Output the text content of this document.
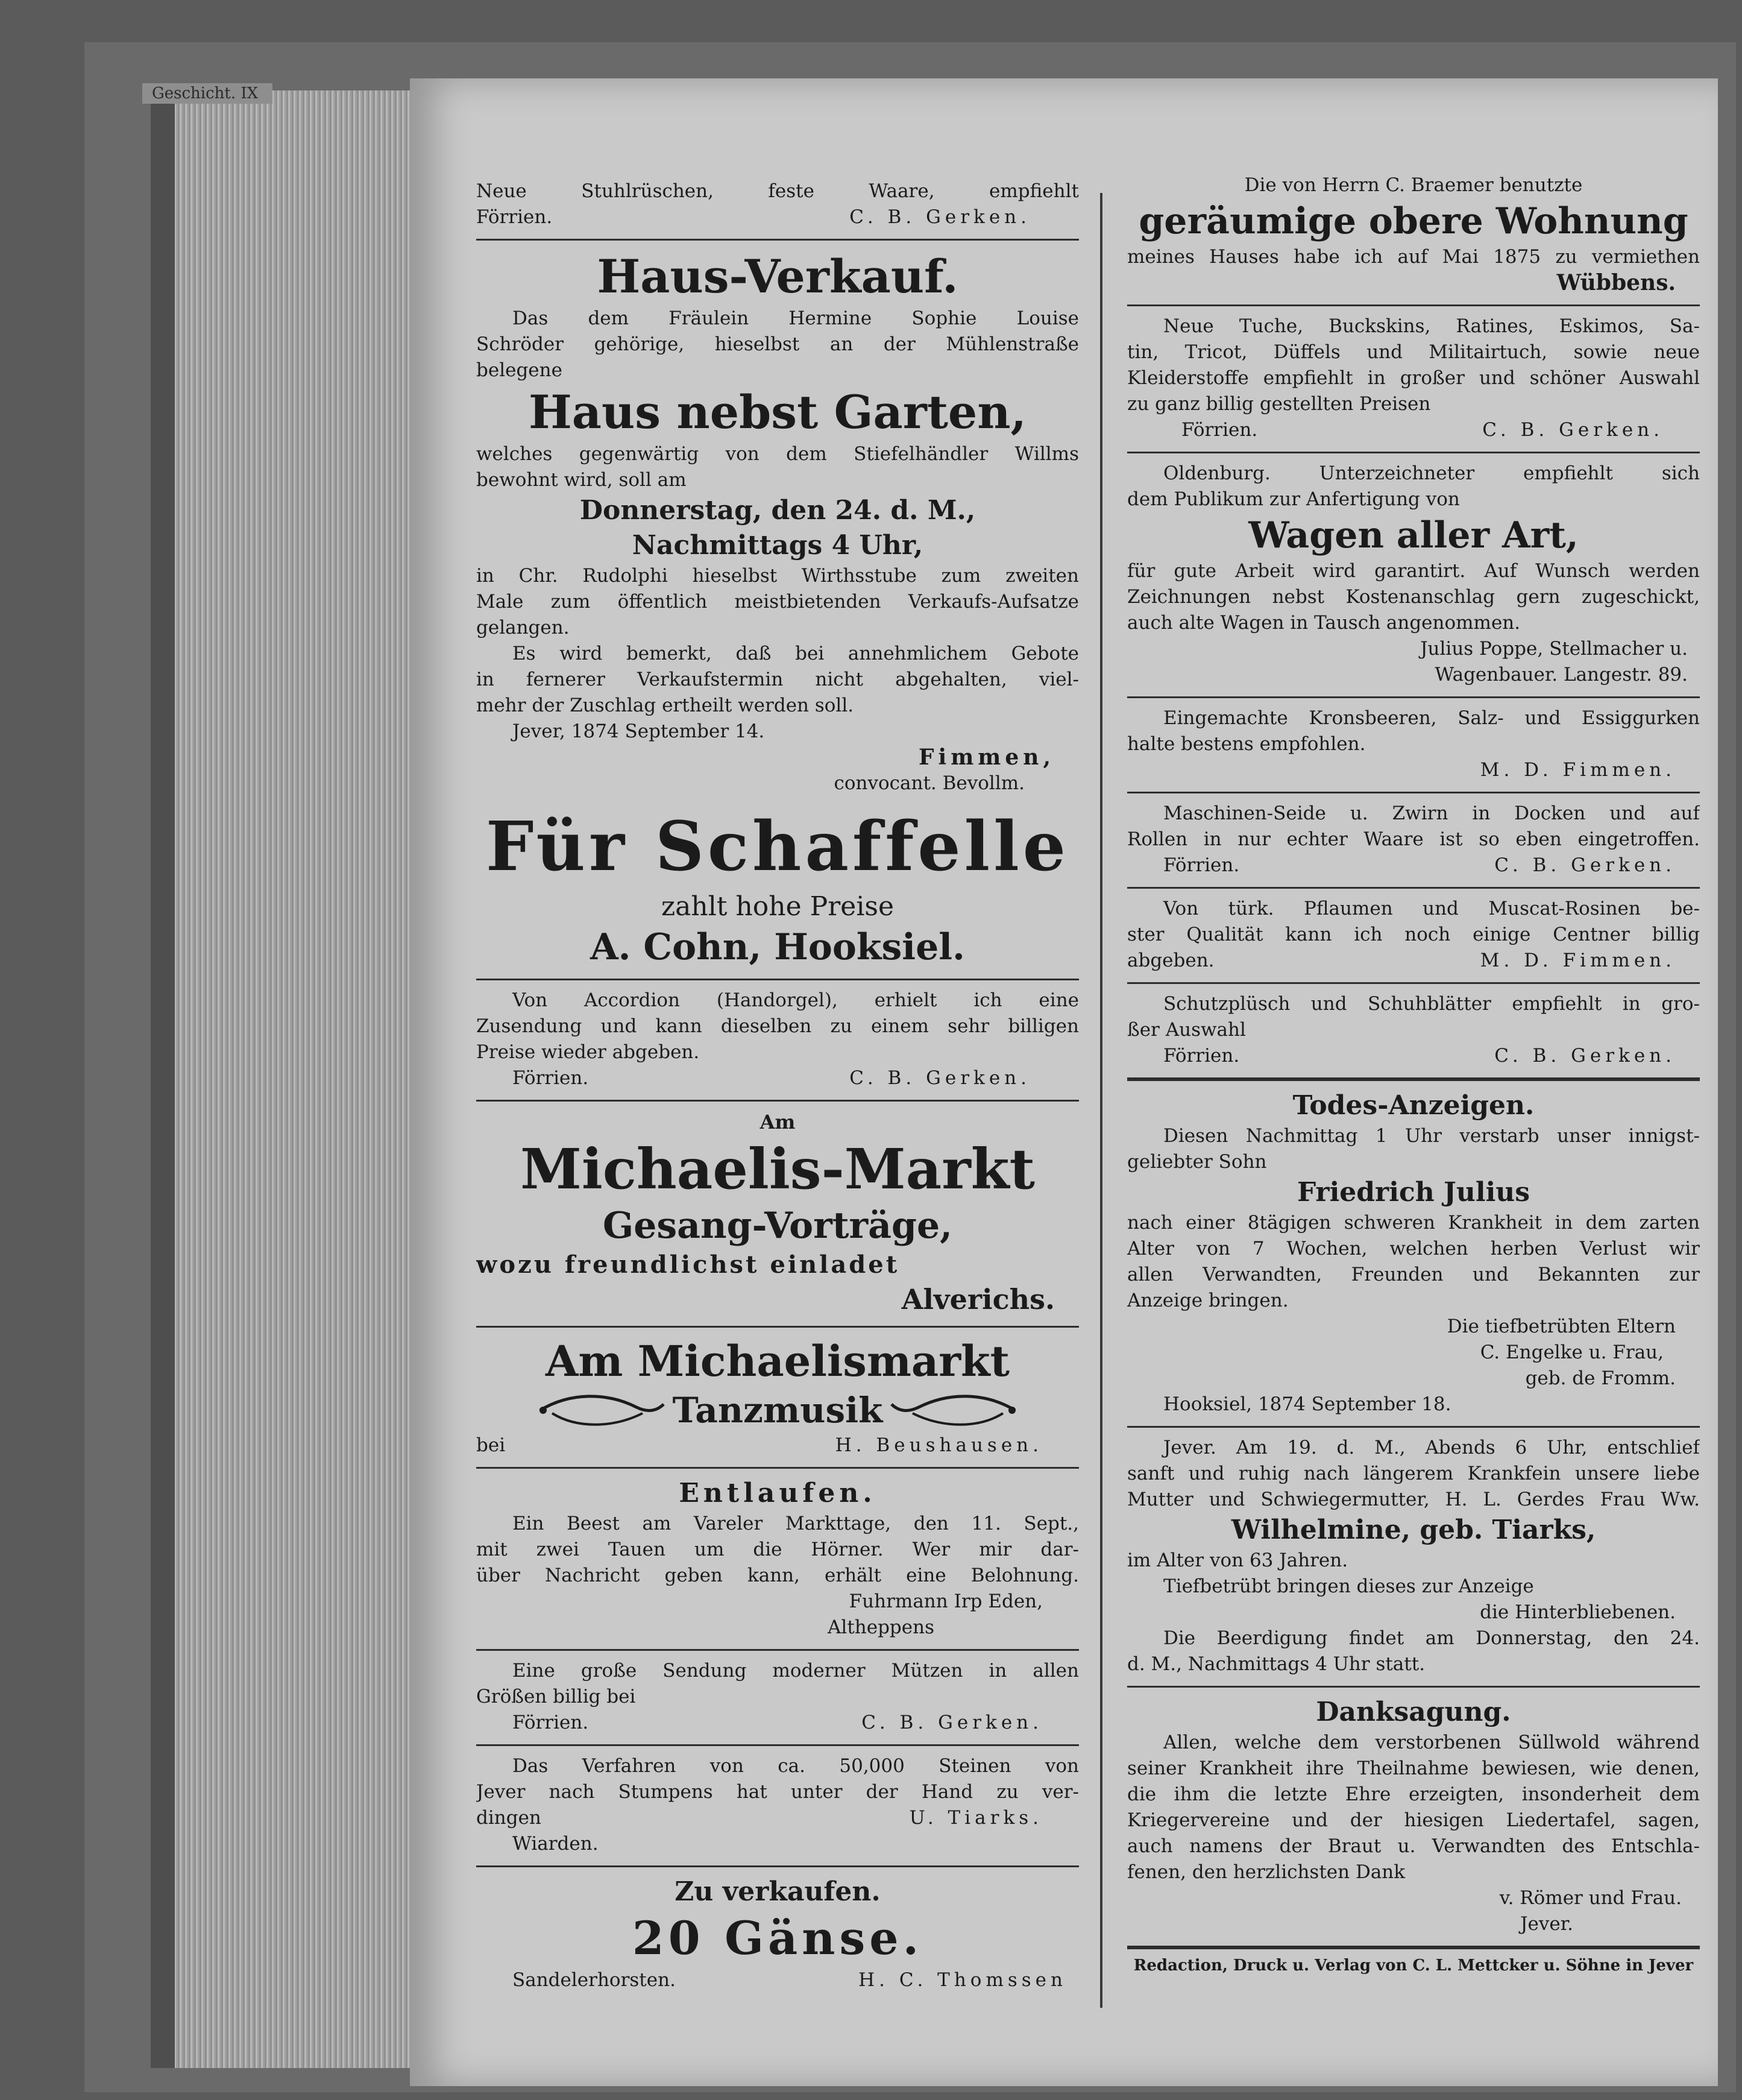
Geschicht. IX
Neue Stuhlrüschen, feste Waare, empfiehlt
Förrien.	C. B. Gerken.
Haus-Verkauf.
Das dem Fräulein Hermine Sophie Louise
Schröder gehörige, hieselbst an der Mühlenstraße
belegene
Haus nebst Garten,
welches gegenwärtig von dem Stiefelhändler Willms
bewohnt wird, soll am
Donnerstag, den 24. d. M.,
Nachmittags 4 Uhr,
in Chr. Rudolphi hieselbst Wirthsstube zum zweiten
Male zum öffentlich meistbietenden Verkaufs-Aufsatze
gelangen.
Es wird bemerkt, daß bei annehmlichem Gebote
in fernerer Verkaufstermin nicht abgehalten, viel-
mehr der Zuschlag ertheilt werden soll.
Jever, 1874 September 14.
Fimmen,
convocant. Bevollm.
Für Schaffelle
zahlt hohe Preise
A. Cohn, Hooksiel.
Von Accordion (Handorgel), erhielt ich eine
Zusendung und kann dieselben zu einem sehr billigen
Preise wieder abgeben.
Förrien.	C. B. Gerken.
Am
Michaelis-Markt
Gesang-Vorträge,
wozu freundlichst einladet
Alverichs.
Am Michaelismarkt
Tanzmusik
bei	H. Beushausen.
Entlaufen.
Ein Beest am Vareler Markttage, den 11. Sept.,
mit zwei Tauen um die Hörner. Wer mir dar-
über Nachricht geben kann, erhält eine Belohnung.
Fuhrmann Irp Eden,
Altheppens
Eine große Sendung moderner Mützen in allen
Größen billig bei
Förrien.	C. B. Gerken.
Das Verfahren von ca. 50,000 Steinen von
Jever nach Stumpens hat unter der Hand zu ver-
dingen	U. Tiarks.
Wiarden.
Zu verkaufen.
20 Gänse.
Sandelerhorsten.	H. C. Thomssen
Die von Herrn C. Braemer benutzte
geräumige obere Wohnung
meines Hauses habe ich auf Mai 1875 zu vermiethen
Wübbens.
Neue Tuche, Buckskins, Ratines, Eskimos, Sa-
tin, Tricot, Düffels und Militairtuch, sowie neue
Kleiderstoffe empfiehlt in großer und schöner Auswahl
zu ganz billig gestellten Preisen
Förrien.	C. B. Gerken.
Oldenburg. Unterzeichneter empfiehlt sich
dem Publikum zur Anfertigung von
Wagen aller Art,
für gute Arbeit wird garantirt. Auf Wunsch werden
Zeichnungen nebst Kostenanschlag gern zugeschickt,
auch alte Wagen in Tausch angenommen.
Julius Poppe, Stellmacher u.
Wagenbauer. Langestr. 89.
Eingemachte Kronsbeeren, Salz- und Essiggurken
halte bestens empfohlen.
M. D. Fimmen.
Maschinen-Seide u. Zwirn in Docken und auf
Rollen in nur echter Waare ist so eben eingetroffen.
Förrien.	C. B. Gerken.
Von türk. Pflaumen und Muscat-Rosinen be-
ster Qualität kann ich noch einige Centner billig
abgeben.	M. D. Fimmen.
Schutzplüsch und Schuhblätter empfiehlt in gro-
ßer Auswahl
Förrien.	C. B. Gerken.
Todes-Anzeigen.
Diesen Nachmittag 1 Uhr verstarb unser innigst-
geliebter Sohn
Friedrich Julius
nach einer 8tägigen schweren Krankheit in dem zarten
Alter von 7 Wochen, welchen herben Verlust wir
allen Verwandten, Freunden und Bekannten zur
Anzeige bringen.
Die tiefbetrübten Eltern
C. Engelke u. Frau,
geb. de Fromm.
Hooksiel, 1874 September 18.
Jever. Am 19. d. M., Abends 6 Uhr, entschlief
sanft und ruhig nach längerem Krankfein unsere liebe
Mutter und Schwiegermutter, H. L. Gerdes Frau Ww.
Wilhelmine, geb. Tiarks,
im Alter von 63 Jahren.
Tiefbetrübt bringen dieses zur Anzeige
die Hinterbliebenen.
Die Beerdigung findet am Donnerstag, den 24.
d. M., Nachmittags 4 Uhr statt.
Danksagung.
Allen, welche dem verstorbenen Süllwold während
seiner Krankheit ihre Theilnahme bewiesen, wie denen,
die ihm die letzte Ehre erzeigten, insonderheit dem
Kriegervereine und der hiesigen Liedertafel, sagen,
auch namens der Braut u. Verwandten des Entschla-
fenen, den herzlichsten Dank
v. Römer und Frau.
Jever.
Redaction, Druck u. Verlag von C. L. Mettcker u. Söhne in Jever
